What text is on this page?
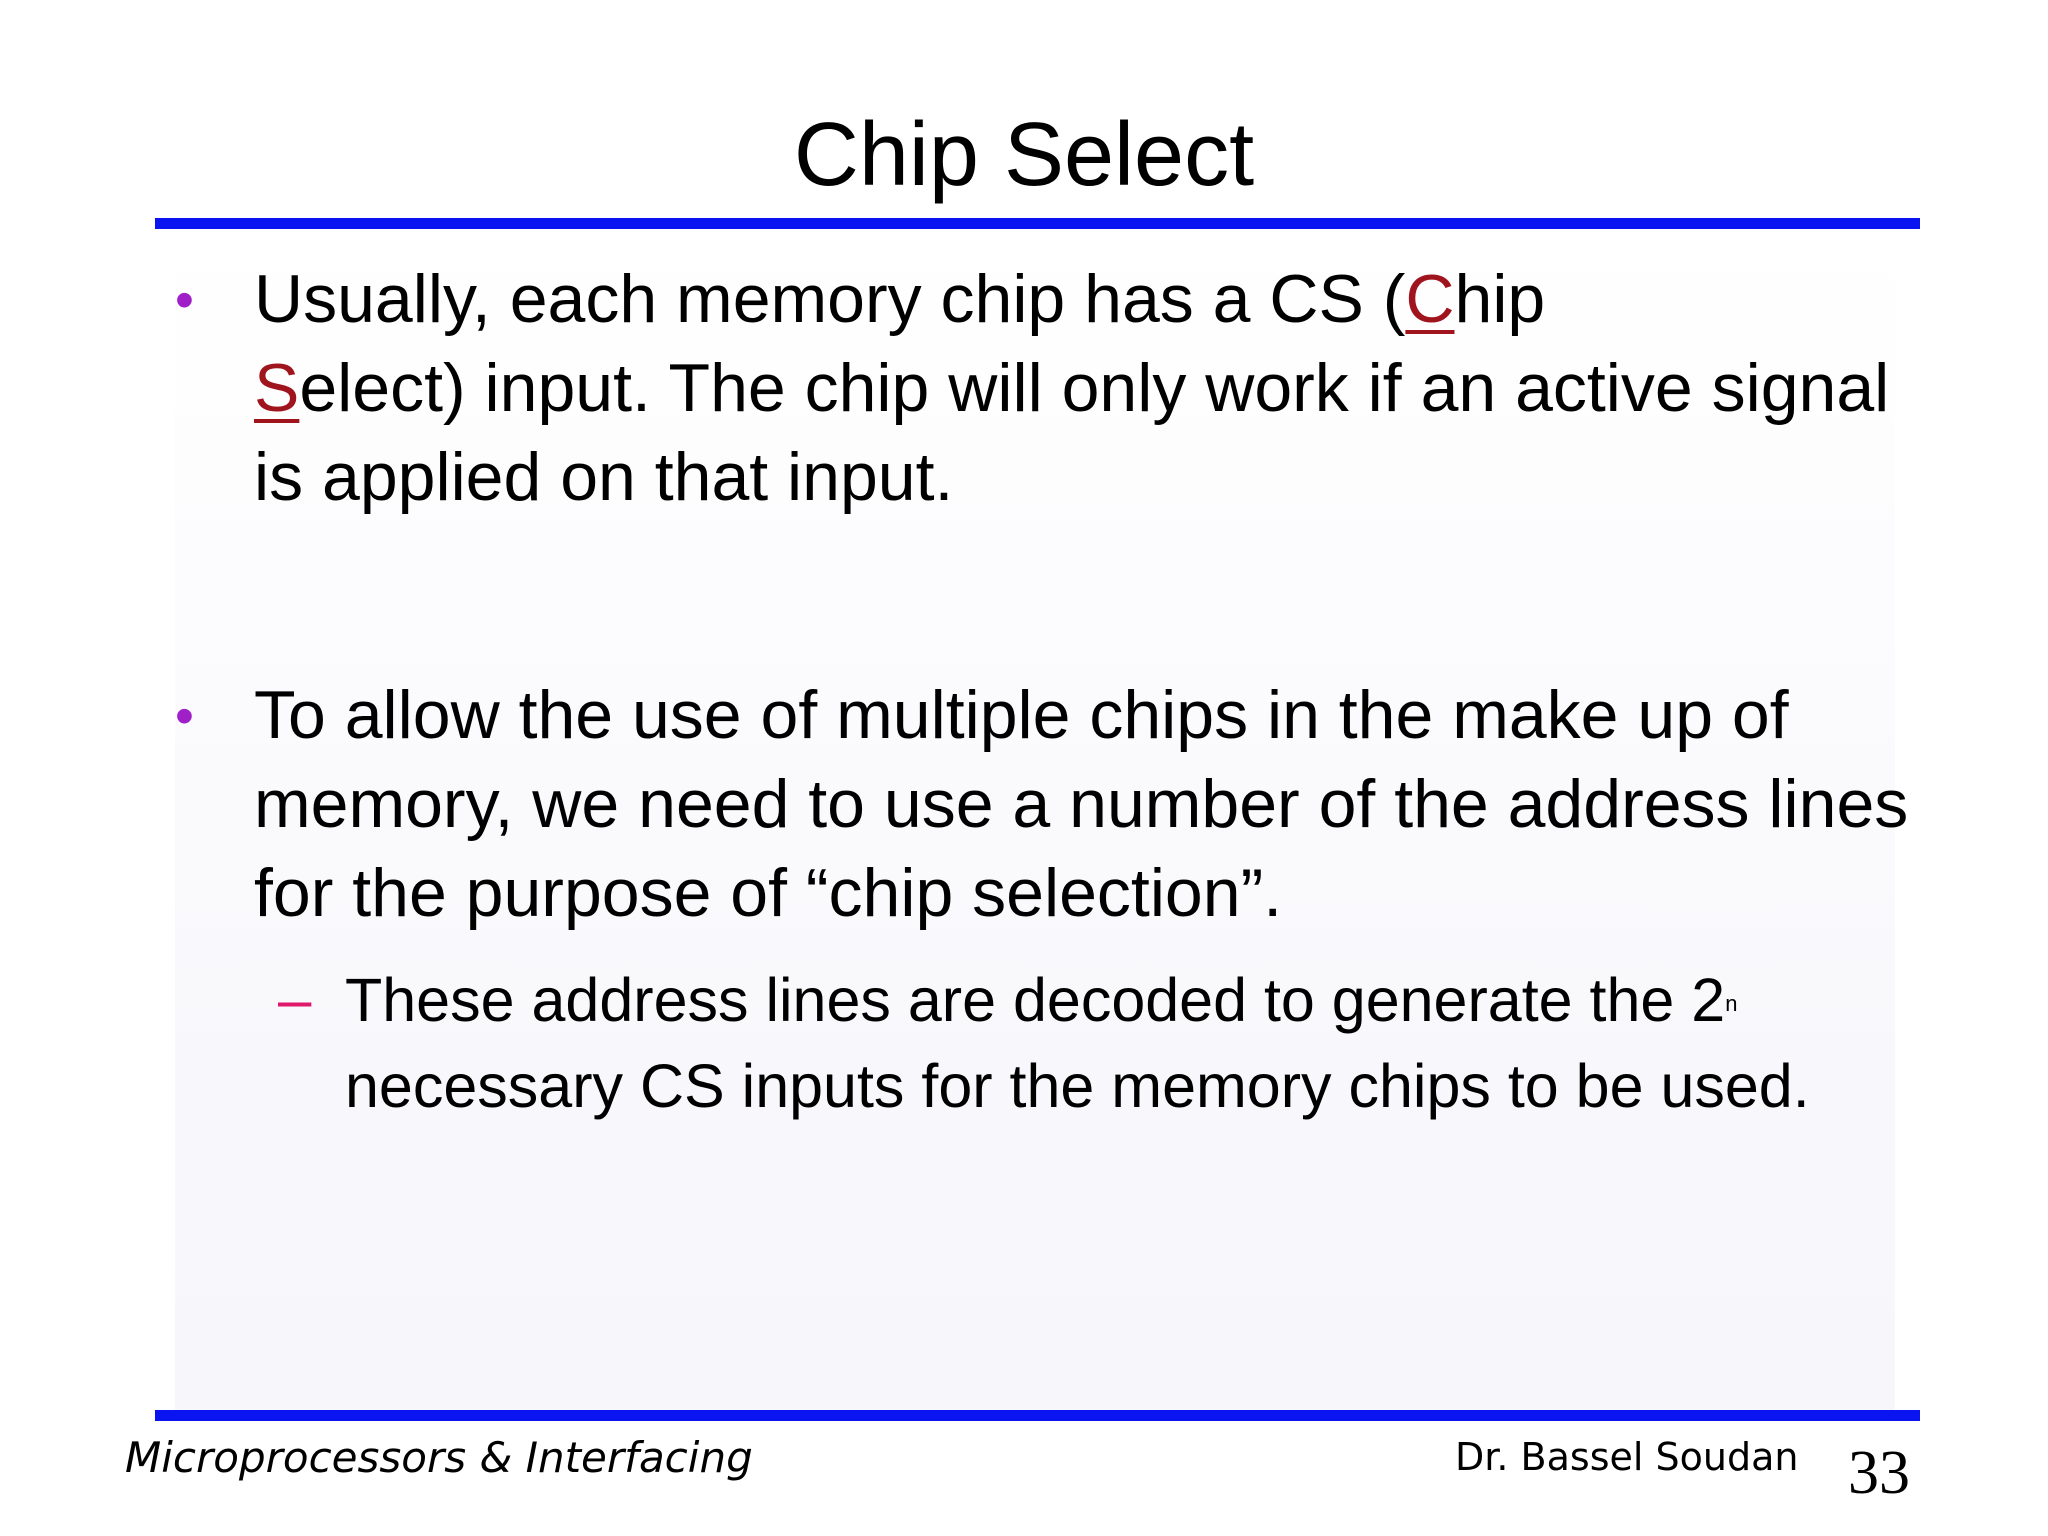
Chip Select
• Usually, each memory chip has a CS (Chip
Select) input. The chip will only work if an active signal is applied on that input.

• To allow the use of multiple chips in the make up of memory, we need to use a number of the address lines for the purpose of “chip selection”.

– These address lines are decoded to generate the 2$^n$ necessary CS inputs for the memory chips to be used.

Microprocessors & Interfacing	Dr. Bassel Soudan 33
